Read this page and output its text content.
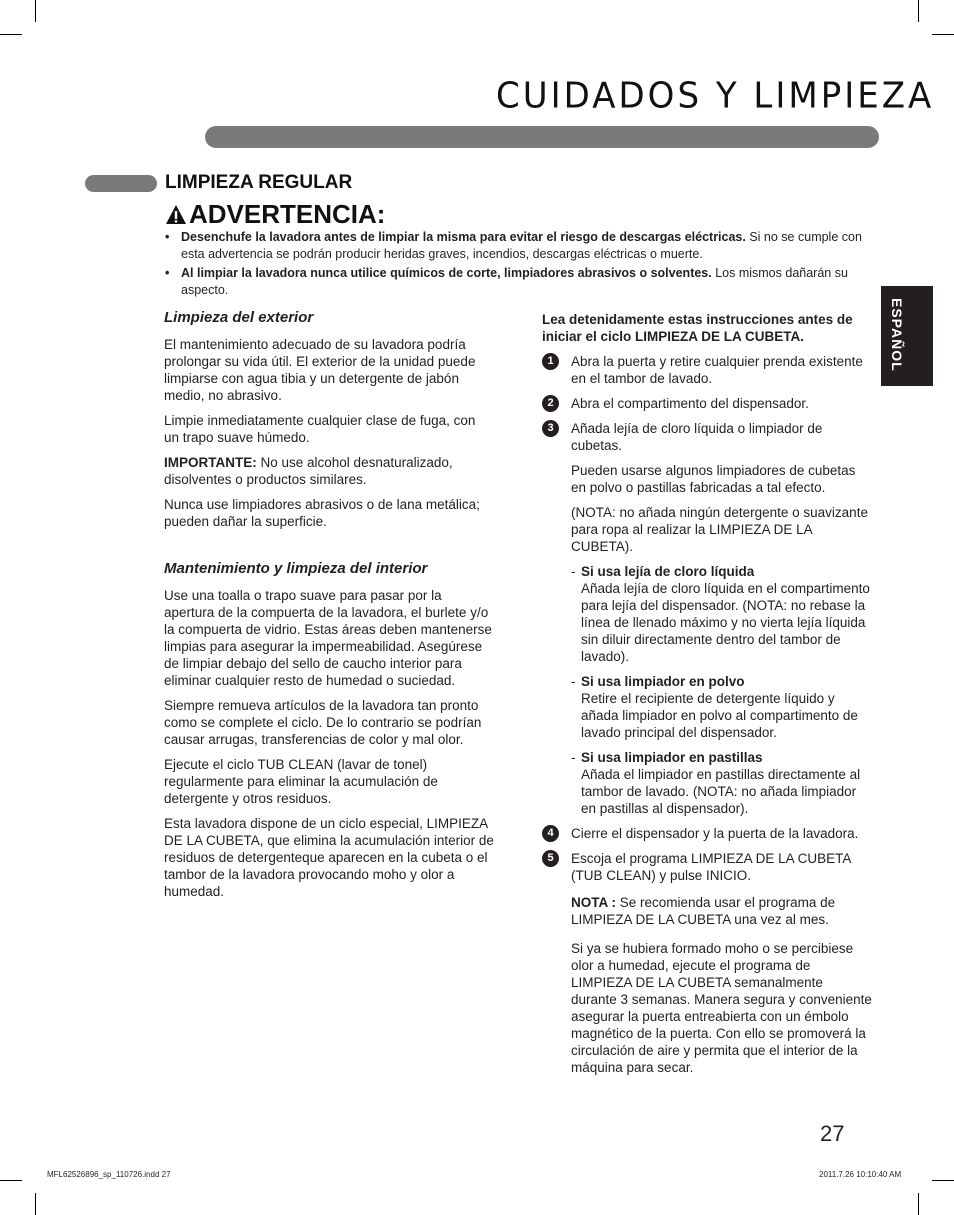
CUIDADOS Y LIMPIEZA
LIMPIEZA REGULAR
ADVERTENCIA:
• Desenchufe la lavadora antes de limpiar la misma para evitar el riesgo de descargas eléctricas. Si no se cumple con esta advertencia se podrán producir heridas graves, incendios, descargas eléctricas o muerte.
• Al limpiar la lavadora nunca utilice químicos de corte, limpiadores abrasivos o solventes. Los mismos dañarán su aspecto.
ESPAÑOL
Limpieza del exterior

El mantenimiento adecuado de su lavadora podría prolongar su vida útil. El exterior de la unidad puede limpiarse con agua tibia y un detergente de jabón medio, no abrasivo.

Limpie inmediatamente cualquier clase de fuga, con un trapo suave húmedo.

IMPORTANTE: No use alcohol desnaturalizado, disolventes o productos similares.

Nunca use limpiadores abrasivos o de lana metálica; pueden dañar la superficie.

Mantenimiento y limpieza del interior

Use una toalla o trapo suave para pasar por la apertura de la compuerta de la lavadora, el burlete y/o la compuerta de vidrio. Estas áreas deben mantenerse limpias para asegurar la impermeabilidad. Asegúrese de limpiar debajo del sello de caucho interior para eliminar cualquier resto de humedad o suciedad.

Siempre remueva artículos de la lavadora tan pronto como se complete el ciclo. De lo contrario se podrían causar arrugas, transferencias de color y mal olor.

Ejecute el ciclo TUB CLEAN (lavar de tonel) regularmente para eliminar la acumulación de detergente y otros residuos.

Esta lavadora dispone de un ciclo especial, LIMPIEZA DE LA CUBETA, que elimina la acumulación interior de residuos de detergenteque aparecen en la cubeta o el tambor de la lavadora provocando moho y olor a humedad.

Lea detenidamente estas instrucciones antes de iniciar el ciclo LIMPIEZA DE LA CUBETA.

1	Abra la puerta y retire cualquier prenda existente en el tambor de lavado.
2	Abra el compartimento del dispensador.
3	Añada lejía de cloro líquida o limpiador de cubetas.

Pueden usarse algunos limpiadores de cubetas en polvo o pastillas fabricadas a tal efecto.

(NOTA: no añada ningún detergente o suavizante para ropa al realizar la LIMPIEZA DE LA CUBETA).

- Si usa lejía de cloro líquida
Añada lejía de cloro líquida en el compartimento para lejía del dispensador. (NOTA: no rebase la línea de llenado máximo y no vierta lejía líquida sin diluir directamente dentro del tambor de lavado).
- Si usa limpiador en polvo
Retire el recipiente de detergente líquido y añada limpiador en polvo al compartimento de lavado principal del dispensador.
- Si usa limpiador en pastillas
Añada el limpiador en pastillas directamente al tambor de lavado. (NOTA: no añada limpiador en pastillas al dispensador).
4	Cierre el dispensador y la puerta de la lavadora.
5	Escoja el programa LIMPIEZA DE LA CUBETA (TUB CLEAN) y pulse INICIO.

NOTA : Se recomienda usar el programa de LIMPIEZA DE LA CUBETA una vez al mes.

Si ya se hubiera formado moho o se percibiese olor a humedad, ejecute el programa de LIMPIEZA DE LA CUBETA semanalmente durante 3 semanas. Manera segura y conveniente asegurar la puerta entreabierta con un émbolo magnético de la puerta. Con ello se promoverá la circulación de aire y permita que el interior de la máquina para secar.

27
MFL62526896_sp_110726.indd 27	2011.7.26 10:10:40 AM
